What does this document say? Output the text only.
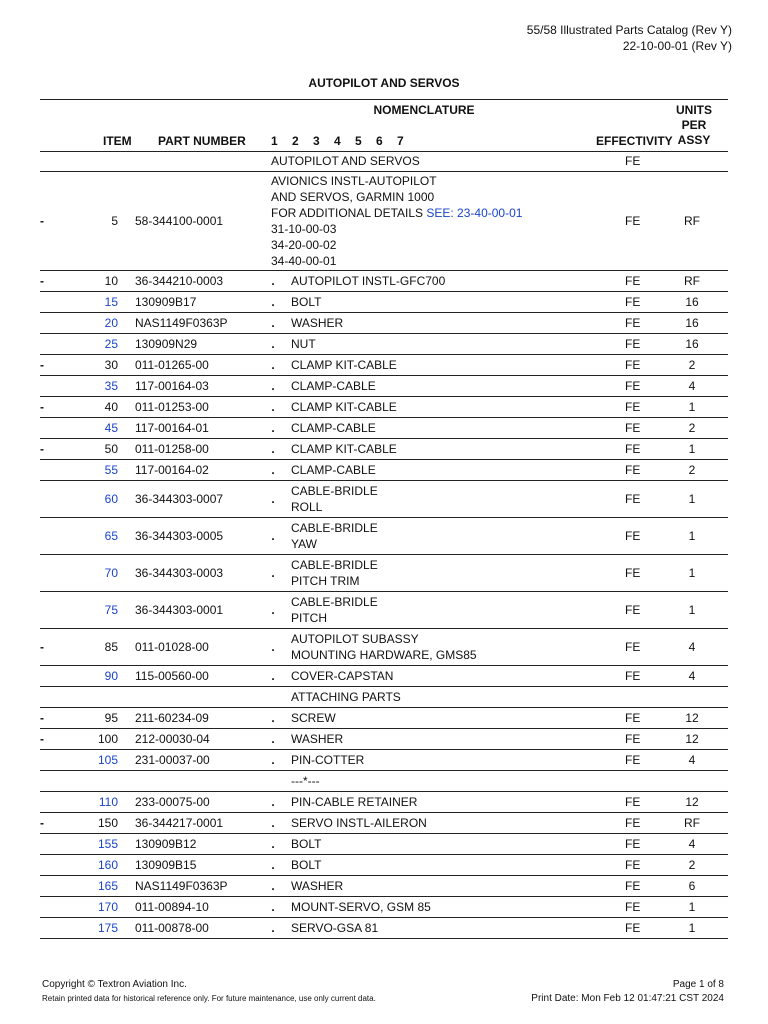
55/58 Illustrated Parts Catalog (Rev Y)
22-10-00-01 (Rev Y)
AUTOPILOT AND SERVOS
NOMENCLATURE	UNITS
PER
ASSY
ITEM PART NUMBER 1 2 3 4 5 6 7	EFFECTIVITY
AUTOPILOT AND SERVOS	FE
-	5 58-344100-0001
AVIONICS INSTL-AUTOPILOT
AND SERVOS, GARMIN 1000
FOR ADDITIONAL DETAILS SEE: 23-40-00-01
31-10-00-03
34-20-00-02
34-40-00-01
FE	RF
-	10 36-344210-0003	. AUTOPILOT INSTL-GFC700	FE	RF
15 130909B17	. BOLT	FE	16
20 NAS1149F0363P	. WASHER	FE	16
25 130909N29	. NUT	FE	16
-	30 011-01265-00	. CLAMP KIT-CABLE	FE	2
35 117-00164-03	. CLAMP-CABLE	FE	4
-	40 011-01253-00	. CLAMP KIT-CABLE	FE	1
45 117-00164-01	. CLAMP-CABLE	FE	2
-	50 011-01258-00	. CLAMP KIT-CABLE	FE	1
55 117-00164-02	. CLAMP-CABLE	FE	2
60 36-344303-0007	.
CABLE-BRIDLE
ROLL
FE	1
65 36-344303-0005	.
CABLE-BRIDLE
YAW
FE	1
70 36-344303-0003	.
CABLE-BRIDLE
PITCH TRIM
FE	1
75 36-344303-0001	.
CABLE-BRIDLE
PITCH
FE	1
-	85 011-01028-00	.
AUTOPILOT SUBASSY
MOUNTING HARDWARE, GMS85
FE	4
90 115-00560-00	. COVER-CAPSTAN	FE	4
ATTACHING PARTS
-	95 211-60234-09	. SCREW	FE	12
-	100 212-00030-04	. WASHER	FE	12
105 231-00037-00	. PIN-COTTER	FE	4
---*---
110 233-00075-00	. PIN-CABLE RETAINER	FE	12
-	150 36-344217-0001	. SERVO INSTL-AILERON	FE	RF
155 130909B12	. BOLT	FE	4
160 130909B15	. BOLT	FE	2
165 NAS1149F0363P	. WASHER	FE	6
170 011-00894-10	. MOUNT-SERVO, GSM 85	FE	1
175 011-00878-00	. SERVO-GSA 81	FE	1
Copyright © Textron Aviation Inc.
Retain printed data for historical reference only. For future maintenance, use only current data.
Page 1 of 8
Print Date: Mon Feb 12 01:47:21 CST 2024
